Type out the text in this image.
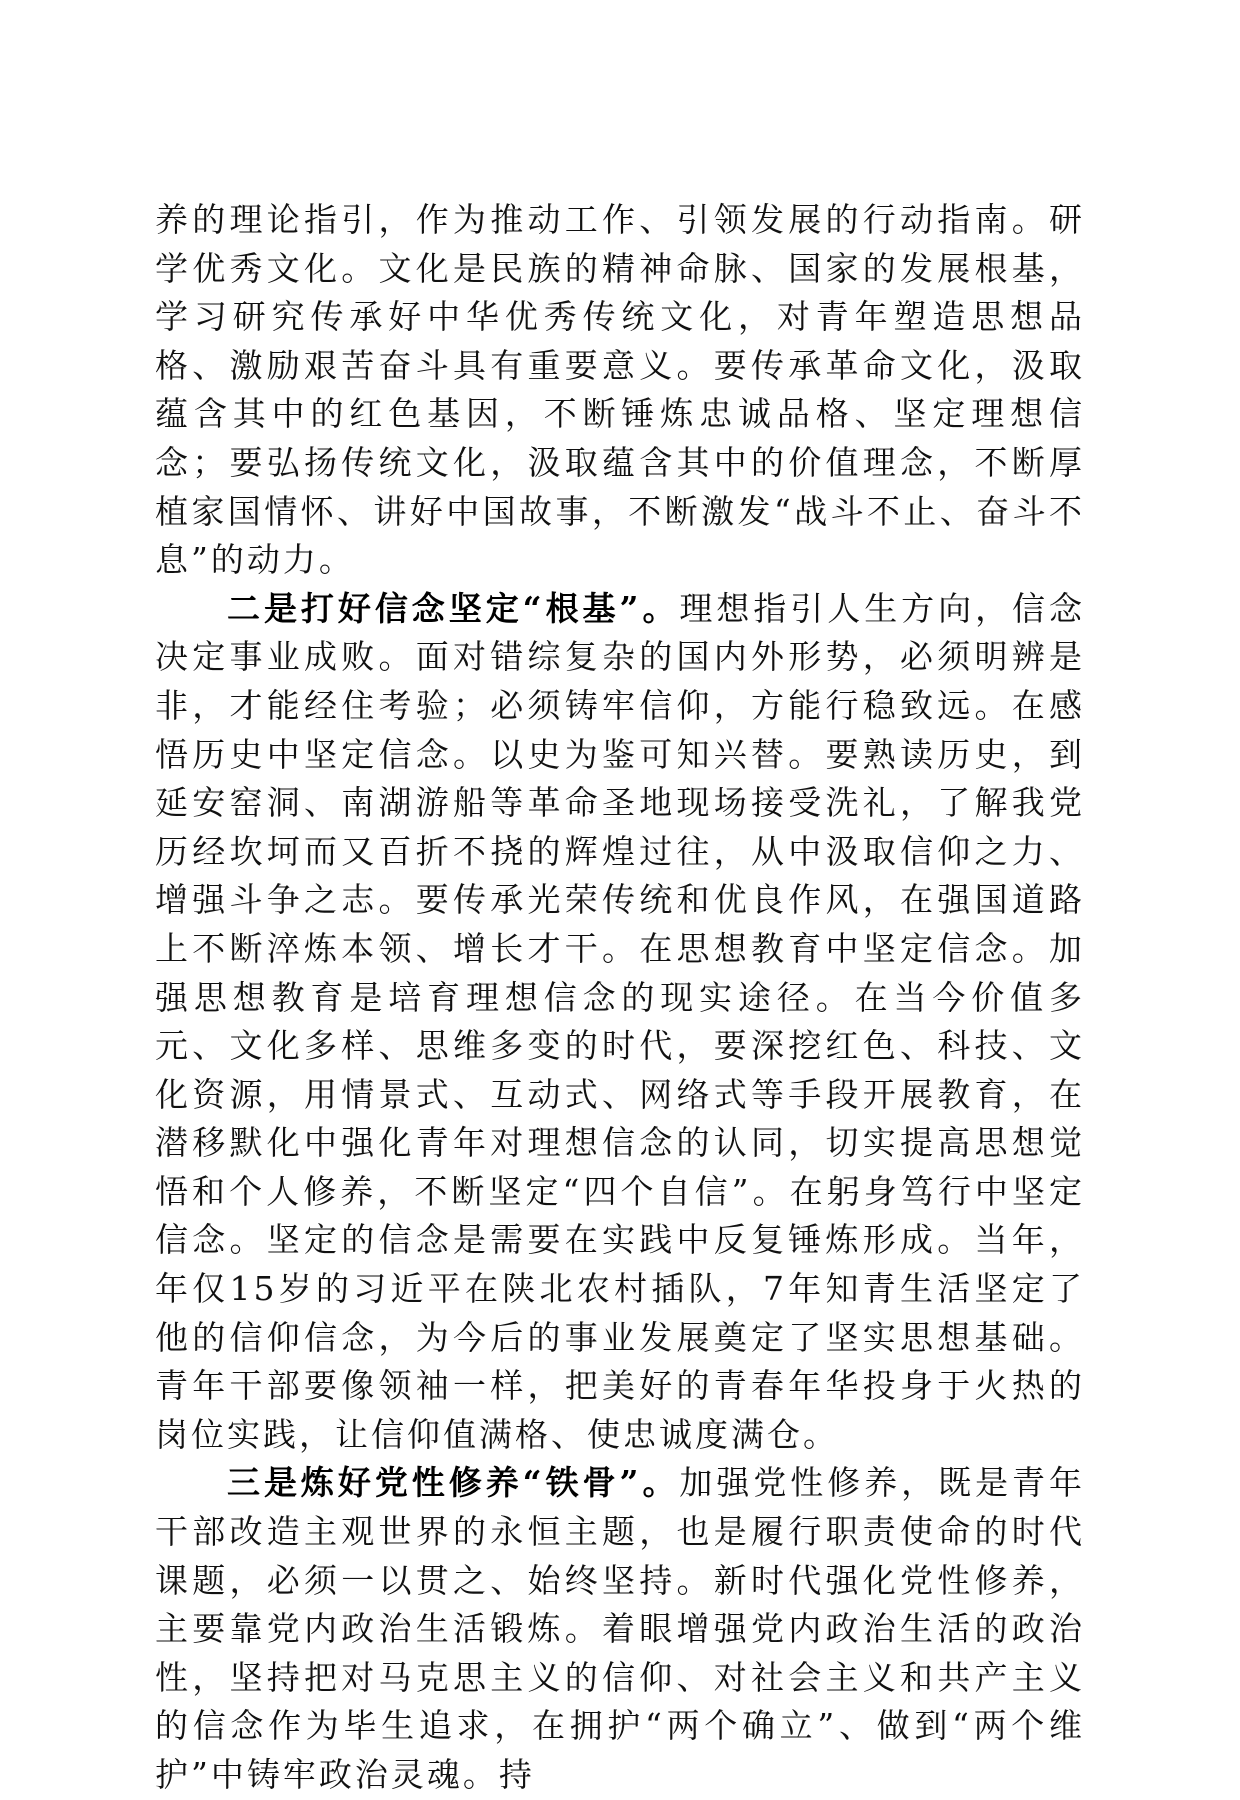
养的理论指引，作为推动工作、引领发展的行动指南。研学优秀文化。文化是民族的精神命脉、国家的发展根基，学习研究传承好中华优秀传统文化，对青年塑造思想品格、激励艰苦奋斗具有重要意义。要传承革命文化，汲取蕴含其中的红色基因，不断锤炼忠诚品格、坚定理想信念；要弘扬传统文化，汲取蕴含其中的价值理念，不断厚植家国情怀、讲好中国故事，不断激发“战斗不止、奋斗不息”的动力。

二是打好信念坚定“根基”。理想指引人生方向，信念决定事业成败。面对错综复杂的国内外形势，必须明辨是非，才能经住考验；必须铸牢信仰，方能行稳致远。在感悟历史中坚定信念。以史为鉴可知兴替。要熟读历史，到延安窑洞、南湖游船等革命圣地现场接受洗礼，了解我党历经坎坷而又百折不挠的辉煌过往，从中汲取信仰之力、增强斗争之志。要传承光荣传统和优良作风，在强国道路上不断淬炼本领、增长才干。在思想教育中坚定信念。加强思想教育是培育理想信念的现实途径。在当今价值多元、文化多样、思维多变的时代，要深挖红色、科技、文化资源，用情景式、互动式、网络式等手段开展教育，在潜移默化中强化青年对理想信念的认同，切实提高思想觉悟和个人修养，不断坚定“四个自信”。在躬身笃行中坚定信念。坚定的信念是需要在实践中反复锤炼形成。当年，年仅15岁的习近平在陕北农村插队，7年知青生活坚定了他的信仰信念，为今后的事业发展奠定了坚实思想基础。青年干部要像领袖一样，把美好的青春年华投身于火热的岗位实践，让信仰值满格、使忠诚度满仓。

三是炼好党性修养“铁骨”。加强党性修养，既是青年干部改造主观世界的永恒主题，也是履行职责使命的时代课题，必须一以贯之、始终坚持。新时代强化党性修养，主要靠党内政治生活锻炼。着眼增强党内政治生活的政治性，坚持把对马克思主义的信仰、对社会主义和共产主义的信念作为毕生追求，在拥护“两个确立”、做到“两个维护”中铸牢政治灵魂。持
